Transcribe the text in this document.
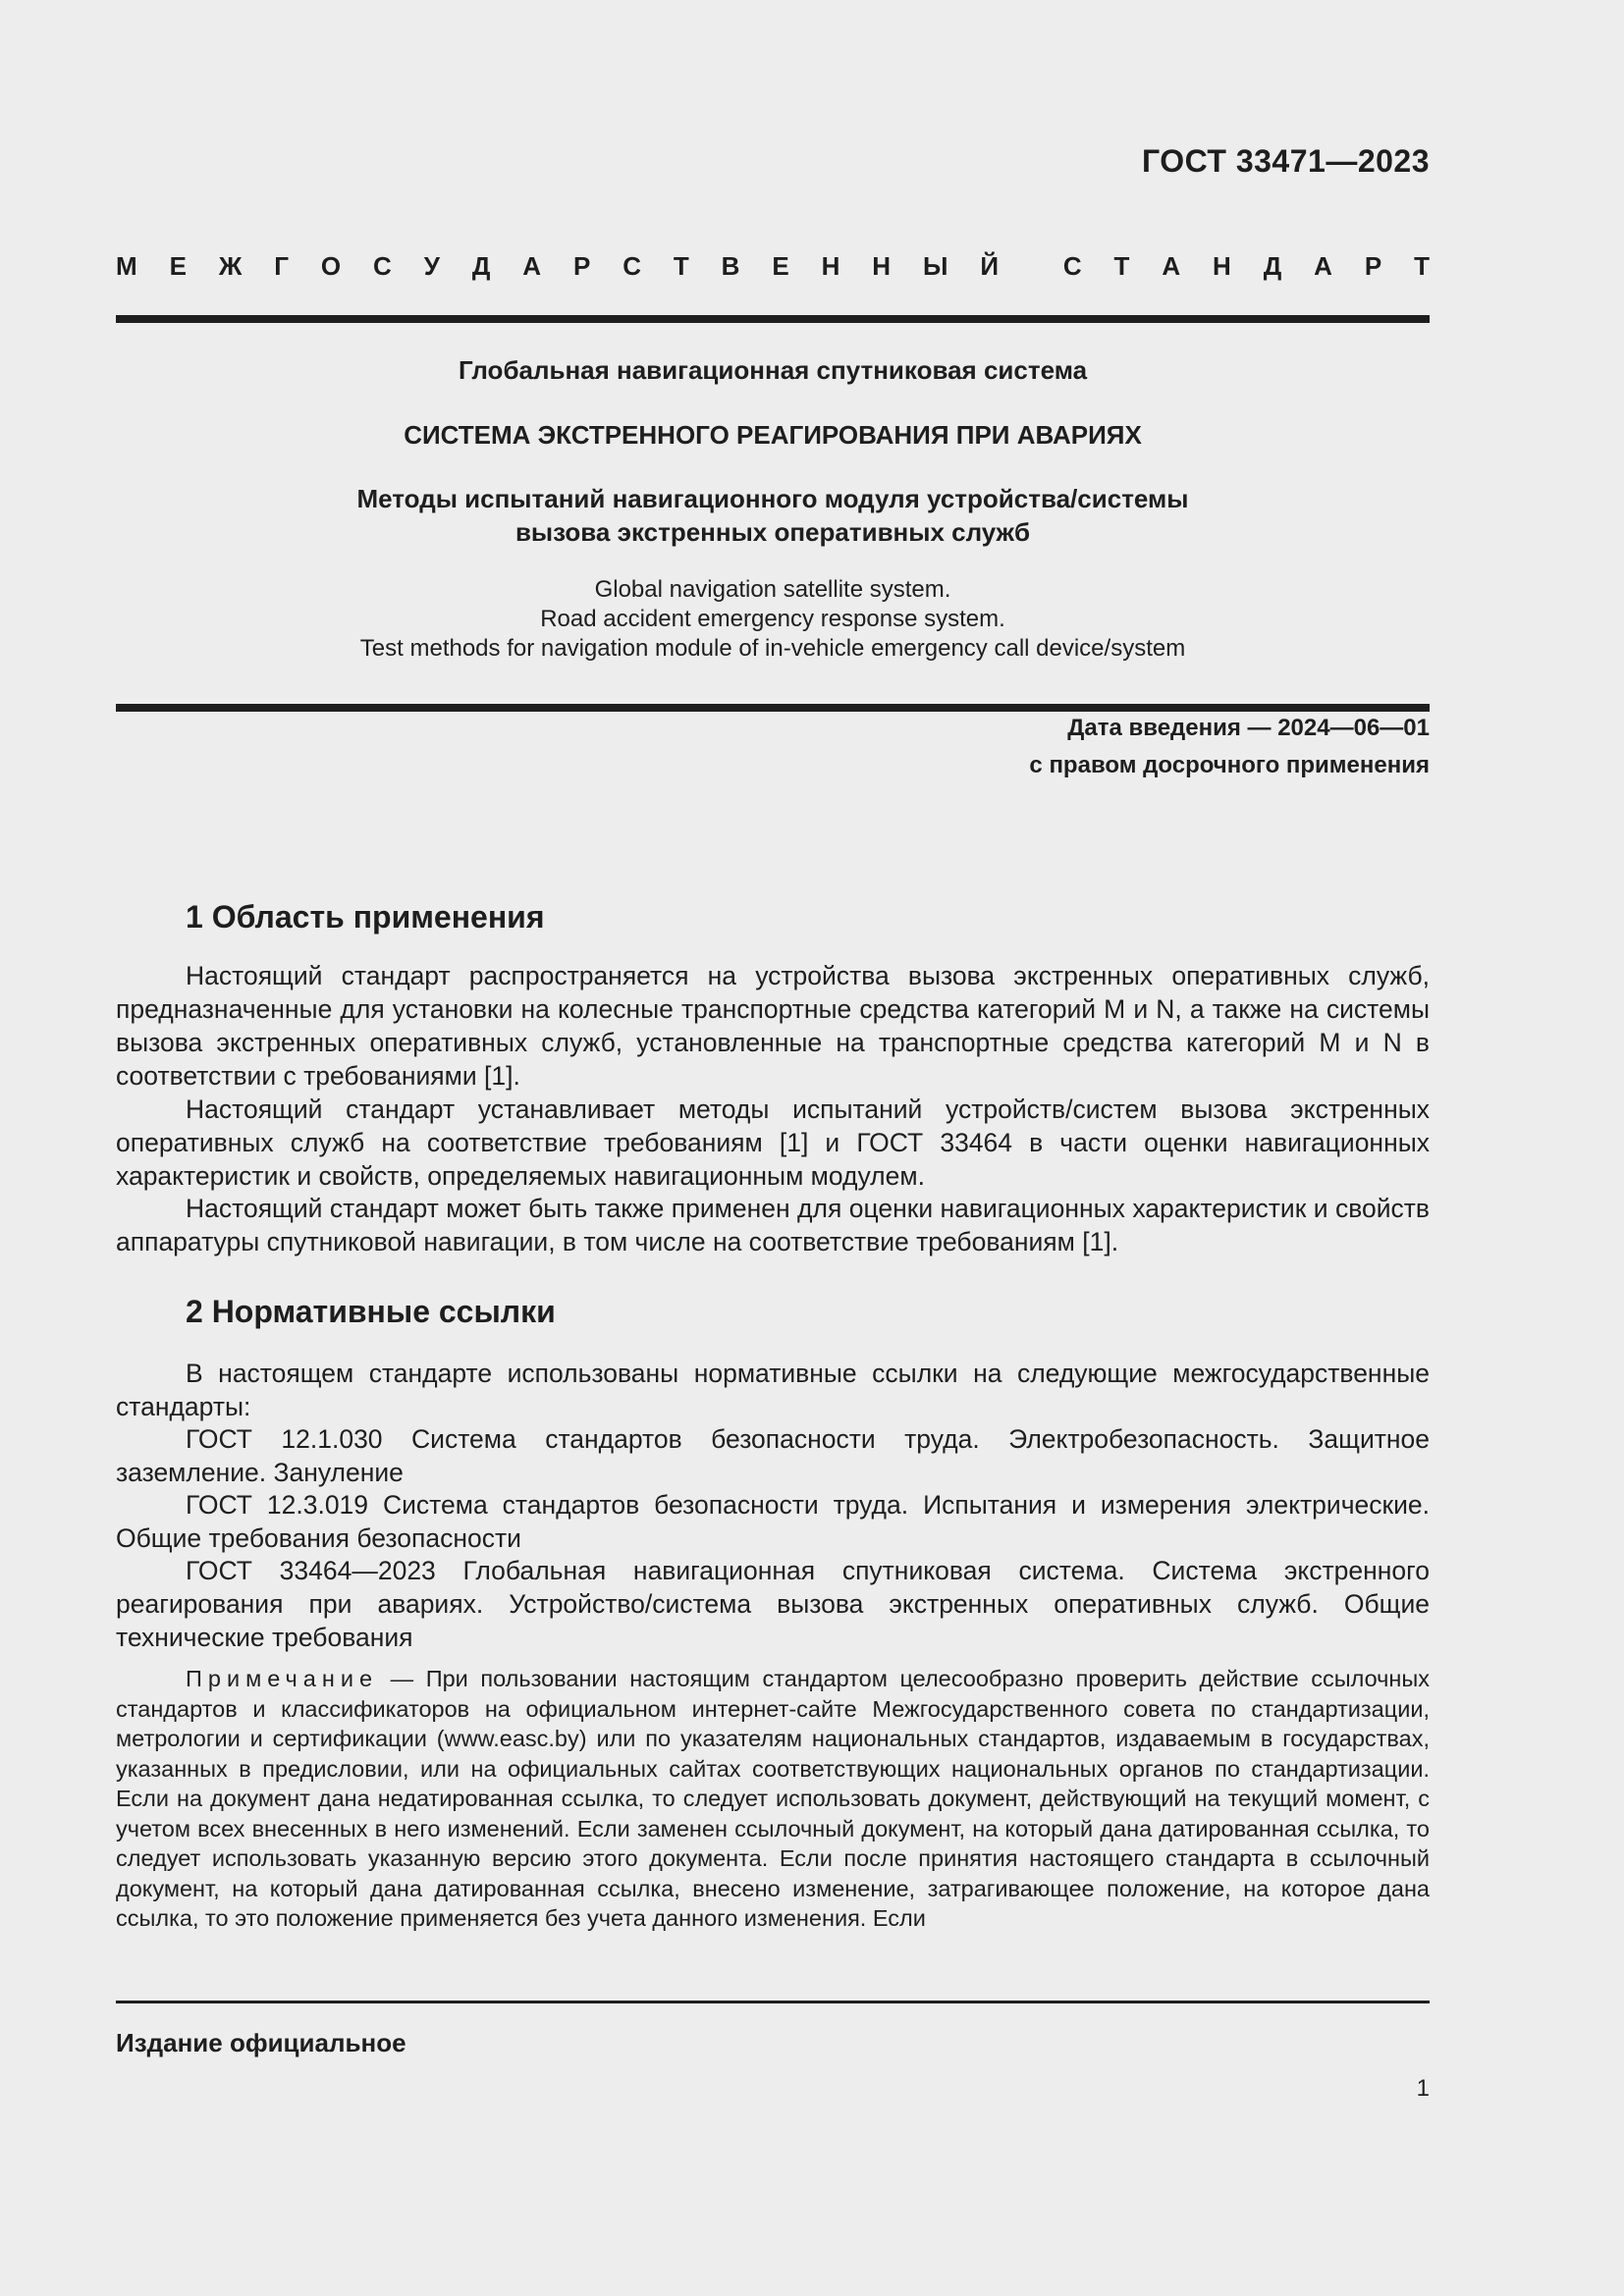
ГОСТ 33471—2023
М Е Ж Г О С У Д А Р С Т В Е Н Н Ы Й	С Т А Н Д А Р Т
Глобальная навигационная спутниковая система
СИСТЕМА ЭКСТРЕННОГО РЕАГИРОВАНИЯ ПРИ АВАРИЯХ
Методы испытаний навигационного модуля устройства/системы
вызова экстренных оперативных служб
Global navigation satellite system.
Road accident emergency response system.
Test methods for navigation module of in-vehicle emergency call device/system
Дата введения — 2024—06—01
с правом досрочного применения
1 Область применения

Настоящий стандарт распространяется на устройства вызова экстренных оперативных служб, предназначенные для установки на колесные транспортные средства категорий M и N, а также на системы вызова экстренных оперативных служб, установленные на транспортные средства категорий M и N в соответствии с требованиями [1].

Настоящий стандарт устанавливает методы испытаний устройств/систем вызова экстренных оперативных служб на соответствие требованиям [1] и ГОСТ 33464 в части оценки навигационных характеристик и свойств, определяемых навигационным модулем.

Настоящий стандарт может быть также применен для оценки навигационных характеристик и свойств аппаратуры спутниковой навигации, в том числе на соответствие требованиям [1].

2 Нормативные ссылки

В настоящем стандарте использованы нормативные ссылки на следующие межгосударственные стандарты:

ГОСТ 12.1.030 Система стандартов безопасности труда. Электробезопасность. Защитное заземление. Зануление

ГОСТ 12.3.019 Система стандартов безопасности труда. Испытания и измерения электрические. Общие требования безопасности

ГОСТ 33464—2023 Глобальная навигационная спутниковая система. Система экстренного реагирования при авариях. Устройство/система вызова экстренных оперативных служб. Общие технические требования

Примечание — При пользовании настоящим стандартом целесообразно проверить действие ссылочных стандартов и классификаторов на официальном интернет-сайте Межгосударственного совета по стандартизации, метрологии и сертификации (www.easc.by) или по указателям национальных стандартов, издаваемым в государствах, указанных в предисловии, или на официальных сайтах соответствующих национальных органов по стандартизации. Если на документ дана недатированная ссылка, то следует использовать документ, действующий на текущий момент, с учетом всех внесенных в него изменений. Если заменен ссылочный документ, на который дана датированная ссылка, то следует использовать указанную версию этого документа. Если после принятия настоящего стандарта в ссылочный документ, на который дана датированная ссылка, внесено изменение, затрагивающее положение, на которое дана ссылка, то это положение применяется без учета данного изменения. Если

Издание официальное
1
